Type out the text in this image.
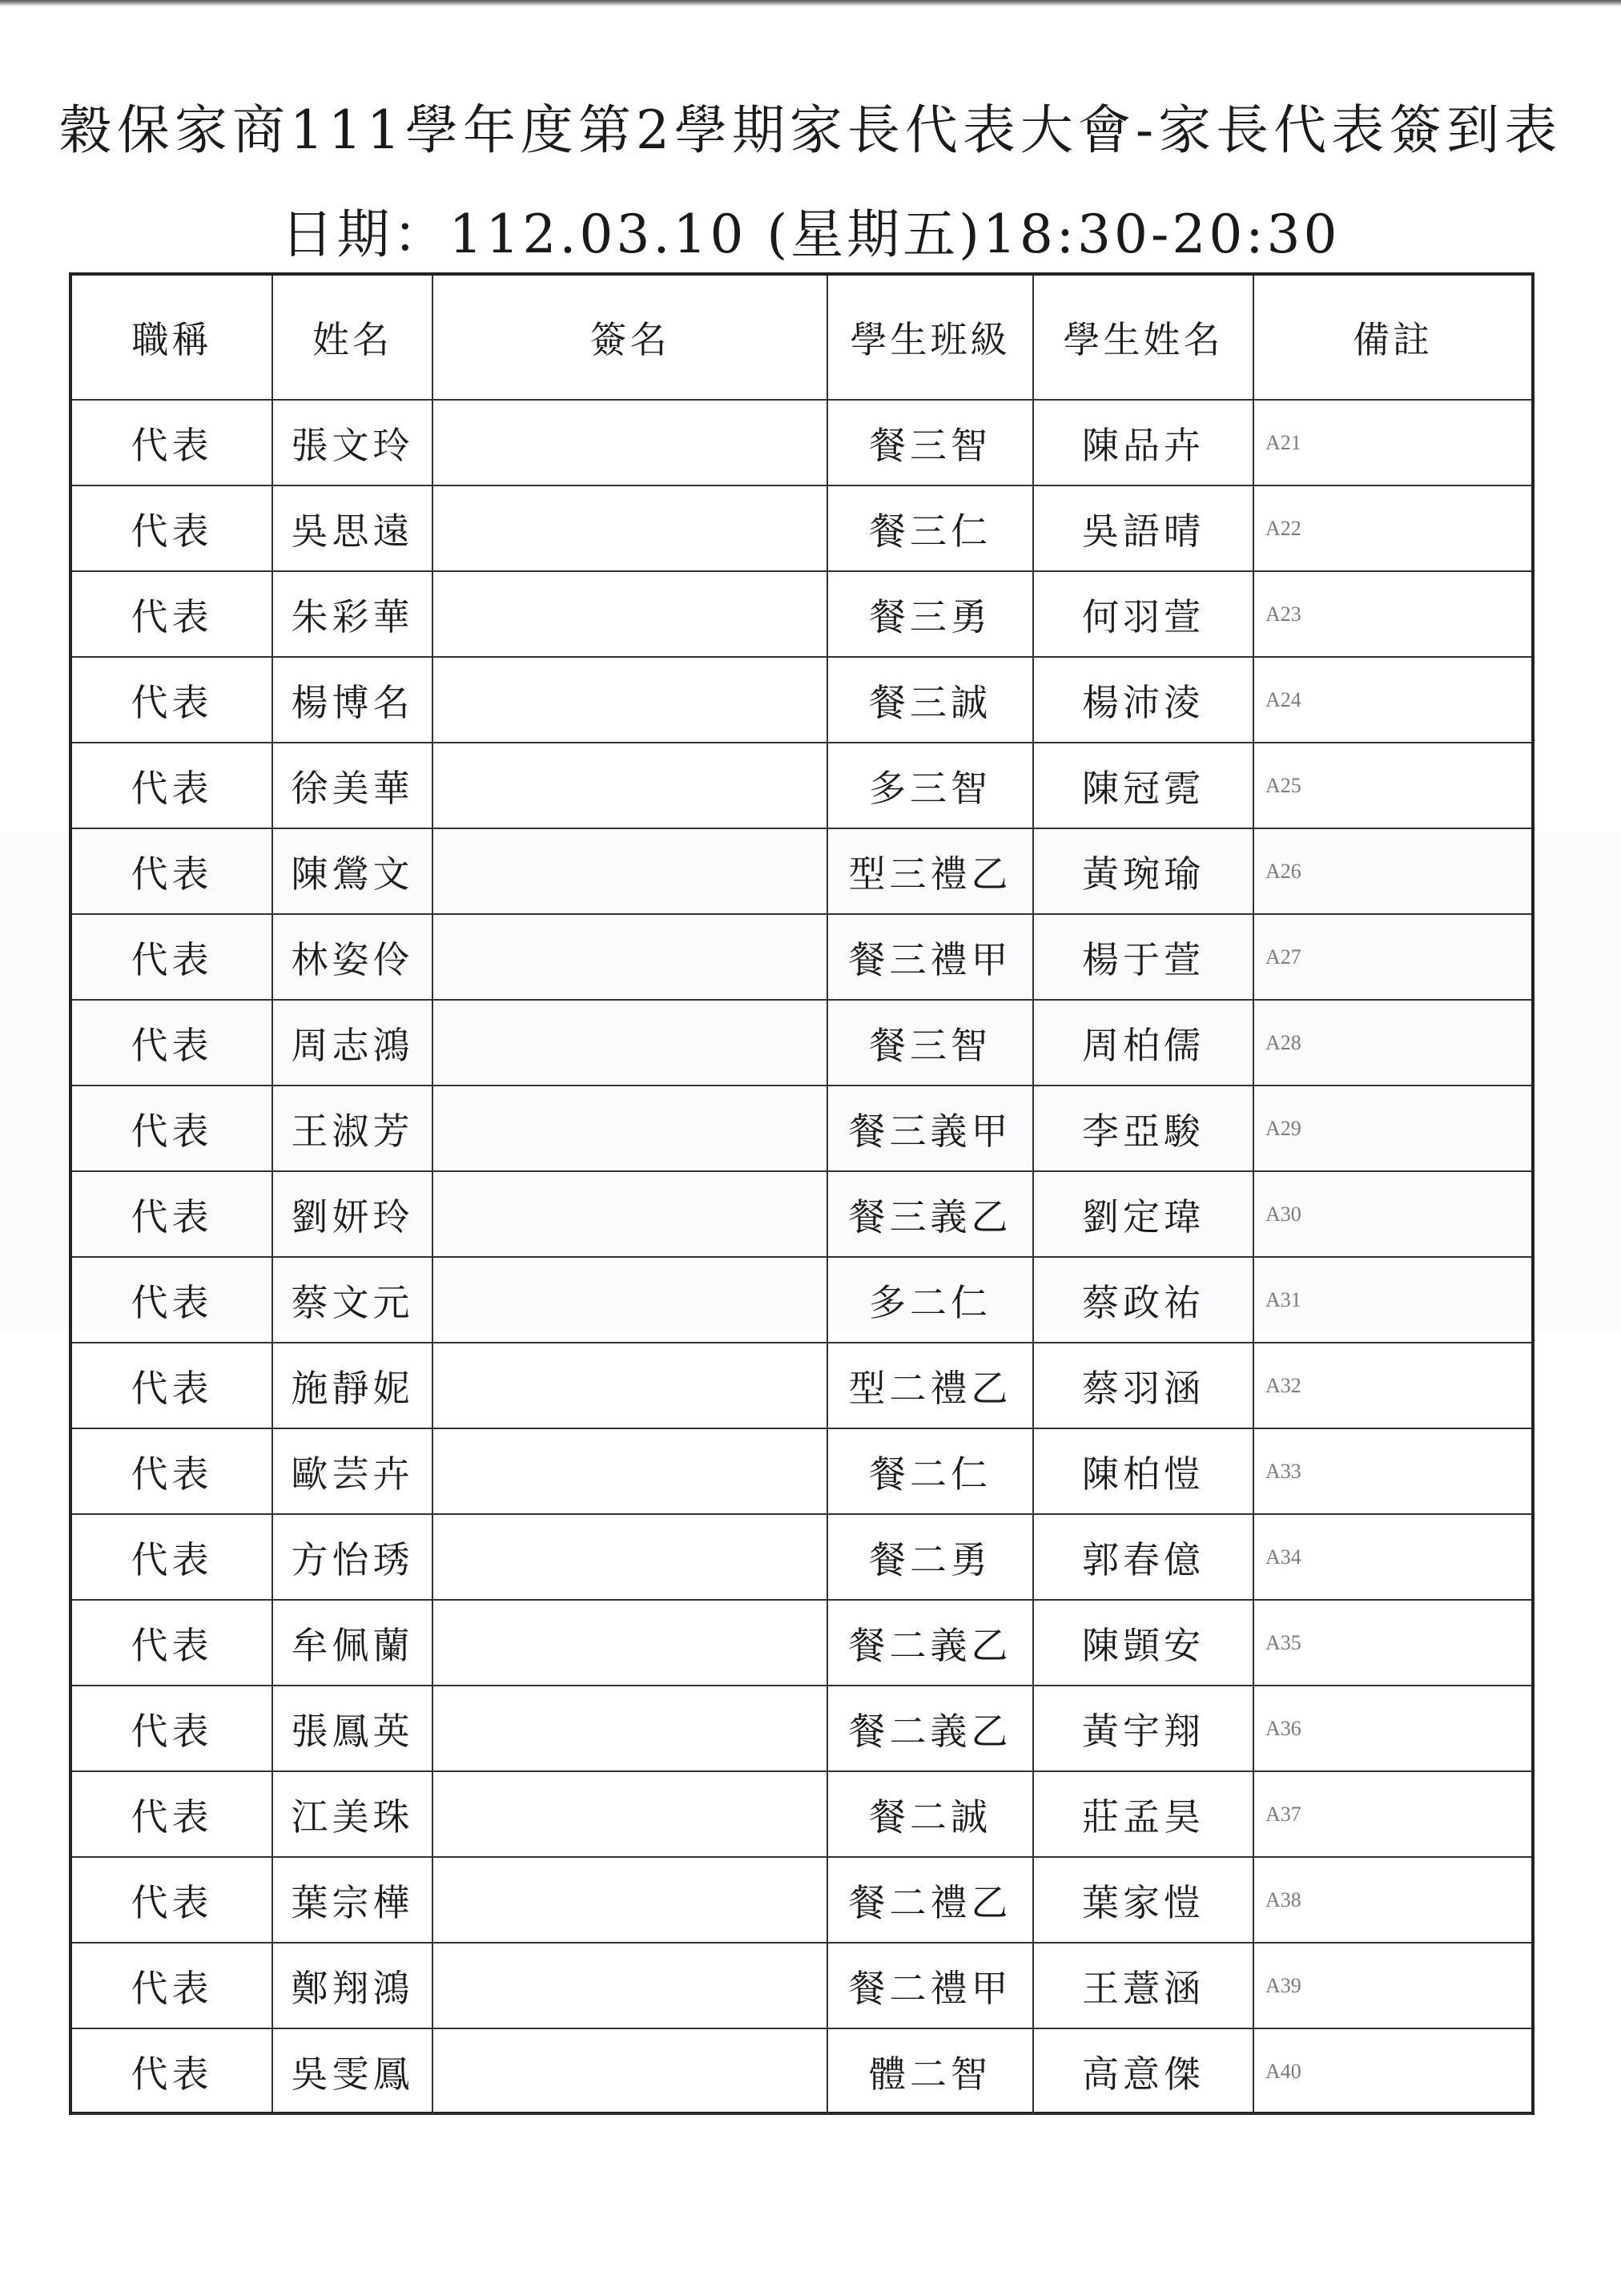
穀保家商111學年度第2學期家長代表大會-家長代表簽到表
日期：112.03.10 (星期五)18:30-20:30
職稱	姓名	簽名	學生班級	學生姓名	備註
代表	張文玲		餐三智	陳品卉	A21
代表	吳思遠		餐三仁	吳語晴	A22
代表	朱彩華		餐三勇	何羽萱	A23
代表	楊博名		餐三誠	楊沛淩	A24
代表	徐美華		多三智	陳冠霓	A25
代表	陳鶯文		型三禮乙	黃琬瑜	A26
代表	林姿伶		餐三禮甲	楊于萱	A27
代表	周志鴻		餐三智	周柏儒	A28
代表	王淑芳		餐三義甲	李亞駿	A29
代表	劉妍玲		餐三義乙	劉定瑋	A30
代表	蔡文元		多二仁	蔡政祐	A31
代表	施靜妮		型二禮乙	蔡羽涵	A32
代表	歐芸卉		餐二仁	陳柏愷	A33
代表	方怡琇		餐二勇	郭春億	A34
代表	牟佩蘭		餐二義乙	陳顗安	A35
代表	張鳳英		餐二義乙	黃宇翔	A36
代表	江美珠		餐二誠	莊孟昊	A37
代表	葉宗樺		餐二禮乙	葉家愷	A38
代表	鄭翔鴻		餐二禮甲	王薏涵	A39
代表	吳雯鳳		體二智	高意傑	A40
